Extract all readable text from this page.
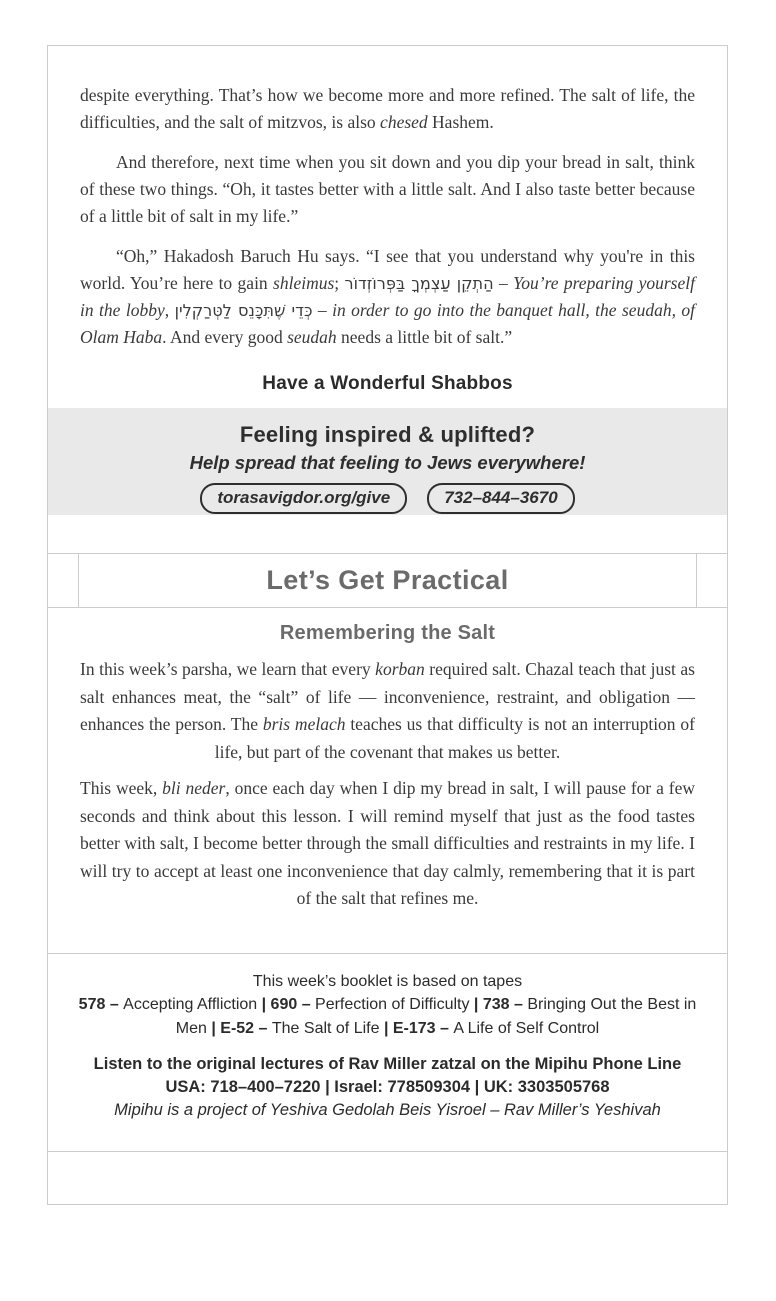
despite everything. That’s how we become more and more refined. The salt of life, the difficulties, and the salt of mitzvos, is also chesed Hashem.

And therefore, next time when you sit down and you dip your bread in salt, think of these two things. “Oh, it tastes better with a little salt. And I also taste better because of a little bit of salt in my life.”

“Oh,” Hakadosh Baruch Hu says. “I see that you understand why you're in this world. You’re here to gain shleimus; הַתְקֵן עַצְמְךָ בַּפְּרוֹזְדוֹר – You’re preparing yourself in the lobby, כְּדֵי שֶׁתִּכָּנֵס לַטְּרַקְלִין – in order to go into the banquet hall, the seudah, of Olam Haba. And every good seudah needs a little bit of salt.”

Have a Wonderful Shabbos
Feeling inspired & uplifted?
Help spread that feeling to Jews everywhere!
torasavigdor.org/give	732–844–3670
Let’s Get Practical
Remembering the Salt

In this week’s parsha, we learn that every korban required salt. Chazal teach that just as salt enhances meat, the “salt” of life — inconvenience, restraint, and obligation — enhances the person. The bris melach teaches us that difficulty is not an interruption of life, but part of the covenant that makes us better.

This week, bli neder, once each day when I dip my bread in salt, I will pause for a few seconds and think about this lesson. I will remind myself that just as the food tastes better with salt, I become better through the small difficulties and restraints in my life. I will try to accept at least one inconvenience that day calmly, remembering that it is part of the salt that refines me.

This week’s booklet is based on tapes

578 – Accepting Affliction | 690 – Perfection of Difficulty | 738 – Bringing Out the Best in Men | E-52 – The Salt of Life | E-173 – A Life of Self Control

Listen to the original lectures of Rav Miller zatzal on the Mipihu Phone Line
USA: 718–400–7220 | Israel: 778509304 | UK: 3303505768
Mipihu is a project of Yeshiva Gedolah Beis Yisroel – Rav Miller’s Yeshivah
